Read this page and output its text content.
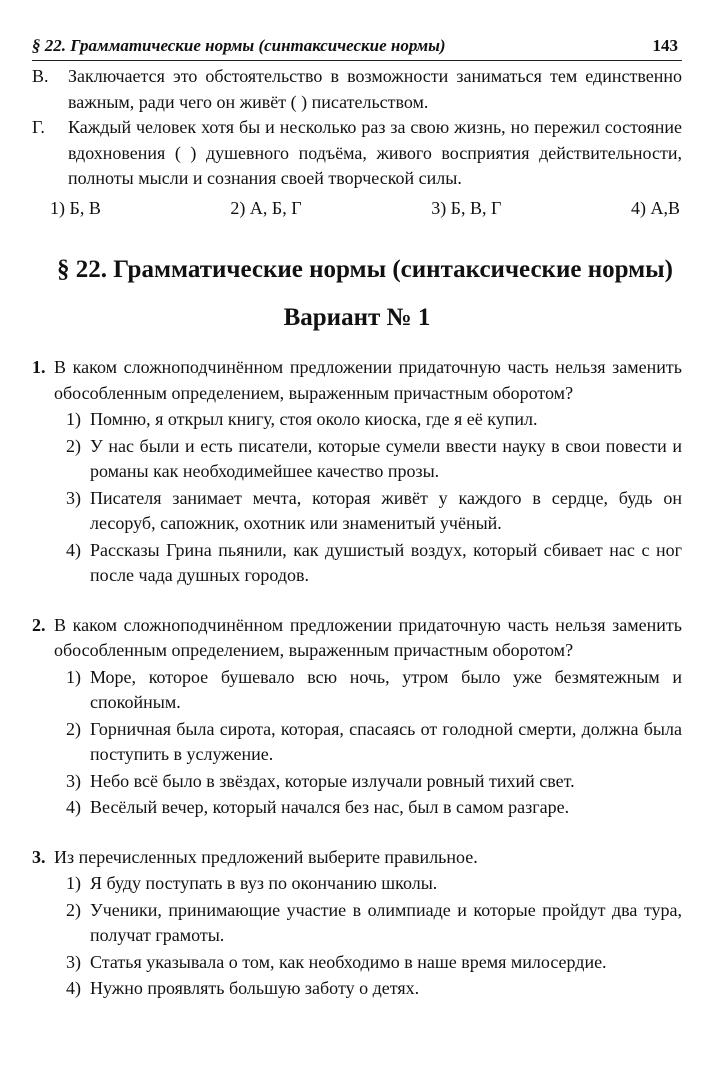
§ 22. Грамматические нормы (синтаксические нормы)	143
В.	Заключается это обстоятельство в возможности заниматься тем единственно важным, ради чего он живёт ( ) писательством.
Г.	Каждый человек хотя бы и несколько раз за свою жизнь, но пережил состояние вдохновения ( ) душевного подъёма, живого восприятия действительности, полноты мысли и сознания своей творческой силы.
1) Б, В	2) А, Б, Г	3) Б, В, Г	4) А,В
§ 22. Грамматические нормы (синтаксические нормы)
Вариант № 1
1. В каком сложноподчинённом предложении придаточную часть нельзя заменить обособленным определением, выраженным причастным оборотом?
1) Помню, я открыл книгу, стоя около киоска, где я её купил.
2) У нас были и есть писатели, которые сумели ввести науку в свои повести и романы как необходимейшее качество прозы.
3) Писателя занимает мечта, которая живёт у каждого в сердце, будь он лесоруб, сапожник, охотник или знаменитый учёный.
4) Рассказы Грина пьянили, как душистый воздух, который сбивает нас с ног после чада душных городов.
2. В каком сложноподчинённом предложении придаточную часть нельзя заменить обособленным определением, выраженным причастным оборотом?
1) Море, которое бушевало всю ночь, утром было уже безмятежным и спокойным.
2) Горничная была сирота, которая, спасаясь от голодной смерти, должна была поступить в услужение.
3) Небо всё было в звёздах, которые излучали ровный тихий свет.
4) Весёлый вечер, который начался без нас, был в самом разгаре.
3. Из перечисленных предложений выберите правильное.
1) Я буду поступать в вуз по окончанию школы.
2) Ученики, принимающие участие в олимпиаде и которые пройдут два тура, получат грамоты.
3) Статья указывала о том, как необходимо в наше время милосердие.
4) Нужно проявлять большую заботу о детях.
